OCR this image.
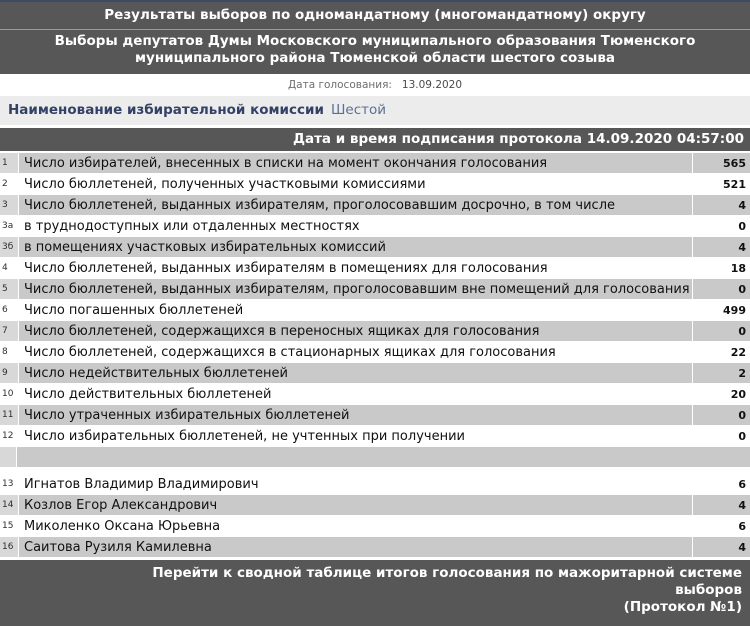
Результаты выборов по одномандатному (многомандатному) округу
Выборы депутатов Думы Московского муниципального образования Тюменского муниципального района Тюменской области шестого созыва
Дата голосования: 13.09.2020
Наименование избирательной комиссии Шестой
Дата и время подписания протокола 14.09.2020 04:57:00
1	Число избирателей, внесенных в списки на момент окончания голосования	565
2	Число бюллетеней, полученных участковыми комиссиями	521
3	Число бюллетеней, выданных избирателям, проголосовавшим досрочно, в том числе	4
3а в труднодоступных или отдаленных местностях	0
3б в помещениях участковых избирательных комиссий	4
4	Число бюллетеней, выданных избирателям в помещениях для голосования	18
5	Число бюллетеней, выданных избирателям, проголосовавшим вне помещений для голосования	0
6	Число погашенных бюллетеней	499
7	Число бюллетеней, содержащихся в переносных ящиках для голосования	0
8	Число бюллетеней, содержащихся в стационарных ящиках для голосования	22
9	Число недействительных бюллетеней	2
10 Число действительных бюллетеней	20
11 Число утраченных избирательных бюллетеней	0
12 Число избирательных бюллетеней, не учтенных при получении	0
13 Игнатов Владимир Владимирович	6
14 Козлов Егор Александрович	4
15 Миколенко Оксана Юрьевна	6
16 Саитова Рузиля Камилевна	4
Перейти к сводной таблице итогов голосования по мажоритарной системе выборов
(Протокол №1)
